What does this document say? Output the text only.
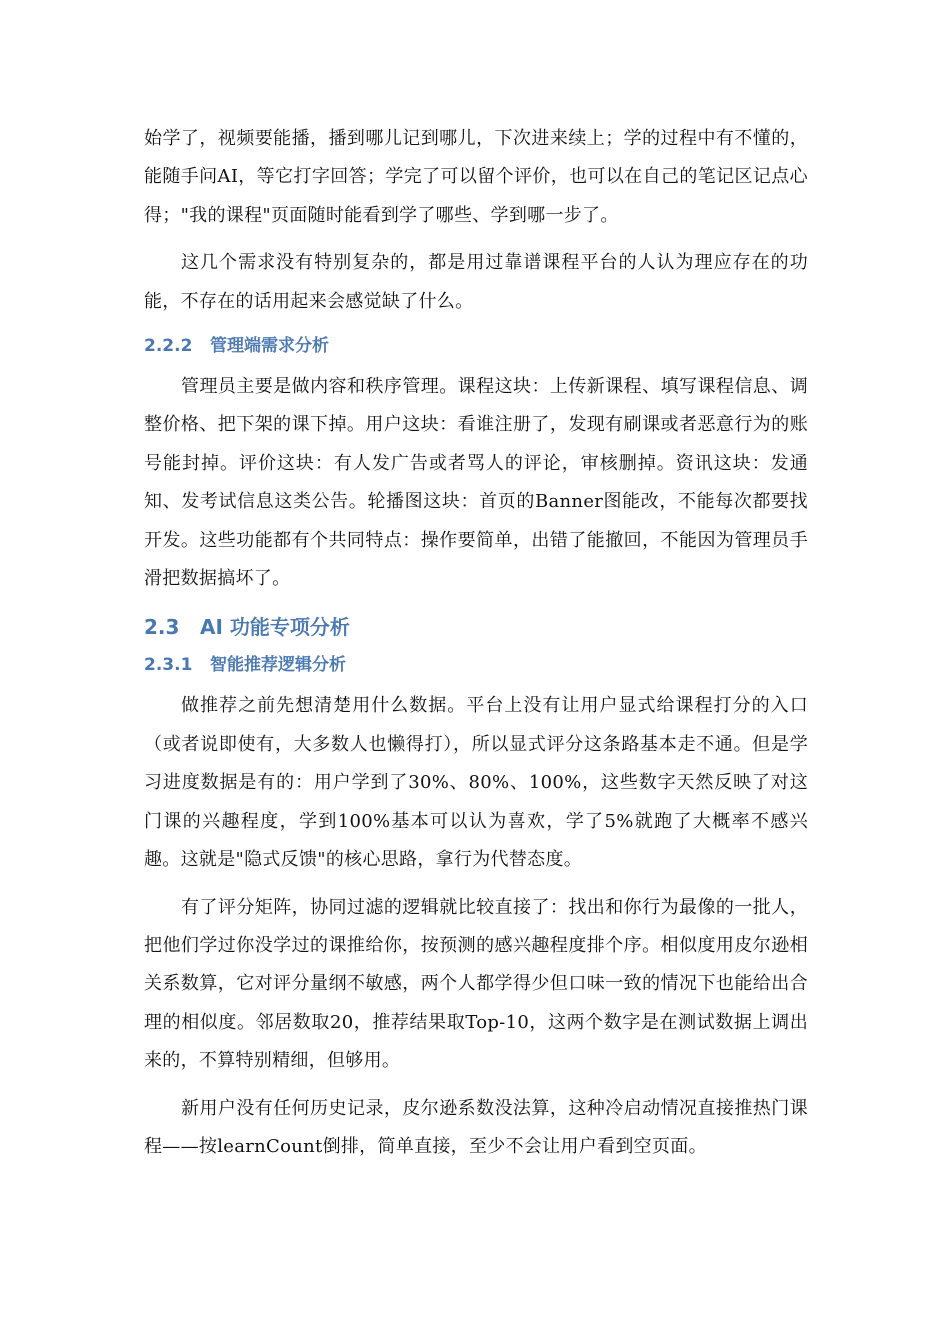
始学了，视频要能播，播到哪儿记到哪儿，下次进来续上；学的过程中有不懂的，能随手问AI，等它打字回答；学完了可以留个评价，也可以在自己的笔记区记点心得；"我的课程"页面随时能看到学了哪些、学到哪一步了。

这几个需求没有特别复杂的，都是用过靠谱课程平台的人认为理应存在的功能，不存在的话用起来会感觉缺了什么。

2.2.2 管理端需求分析

管理员主要是做内容和秩序管理。课程这块：上传新课程、填写课程信息、调整价格、把下架的课下掉。用户这块：看谁注册了，发现有刷课或者恶意行为的账号能封掉。评价这块：有人发广告或者骂人的评论，审核删掉。资讯这块：发通知、发考试信息这类公告。轮播图这块：首页的Banner图能改，不能每次都要找开发。这些功能都有个共同特点：操作要简单，出错了能撤回，不能因为管理员手滑把数据搞坏了。

2.3 AI 功能专项分析
2.3.1 智能推荐逻辑分析

做推荐之前先想清楚用什么数据。平台上没有让用户显式给课程打分的入口（或者说即使有，大多数人也懒得打），所以显式评分这条路基本走不通。但是学习进度数据是有的：用户学到了30%、80%、100%，这些数字天然反映了对这门课的兴趣程度，学到100%基本可以认为喜欢，学了5%就跑了大概率不感兴趣。这就是"隐式反馈"的核心思路，拿行为代替态度。

有了评分矩阵，协同过滤的逻辑就比较直接了：找出和你行为最像的一批人，把他们学过你没学过的课推给你，按预测的感兴趣程度排个序。相似度用皮尔逊相关系数算，它对评分量纲不敏感，两个人都学得少但口味一致的情况下也能给出合理的相似度。邻居数取20，推荐结果取Top-10，这两个数字是在测试数据上调出来的，不算特别精细，但够用。

新用户没有任何历史记录，皮尔逊系数没法算，这种冷启动情况直接推热门课程——按learnCount倒排，简单直接，至少不会让用户看到空页面。
